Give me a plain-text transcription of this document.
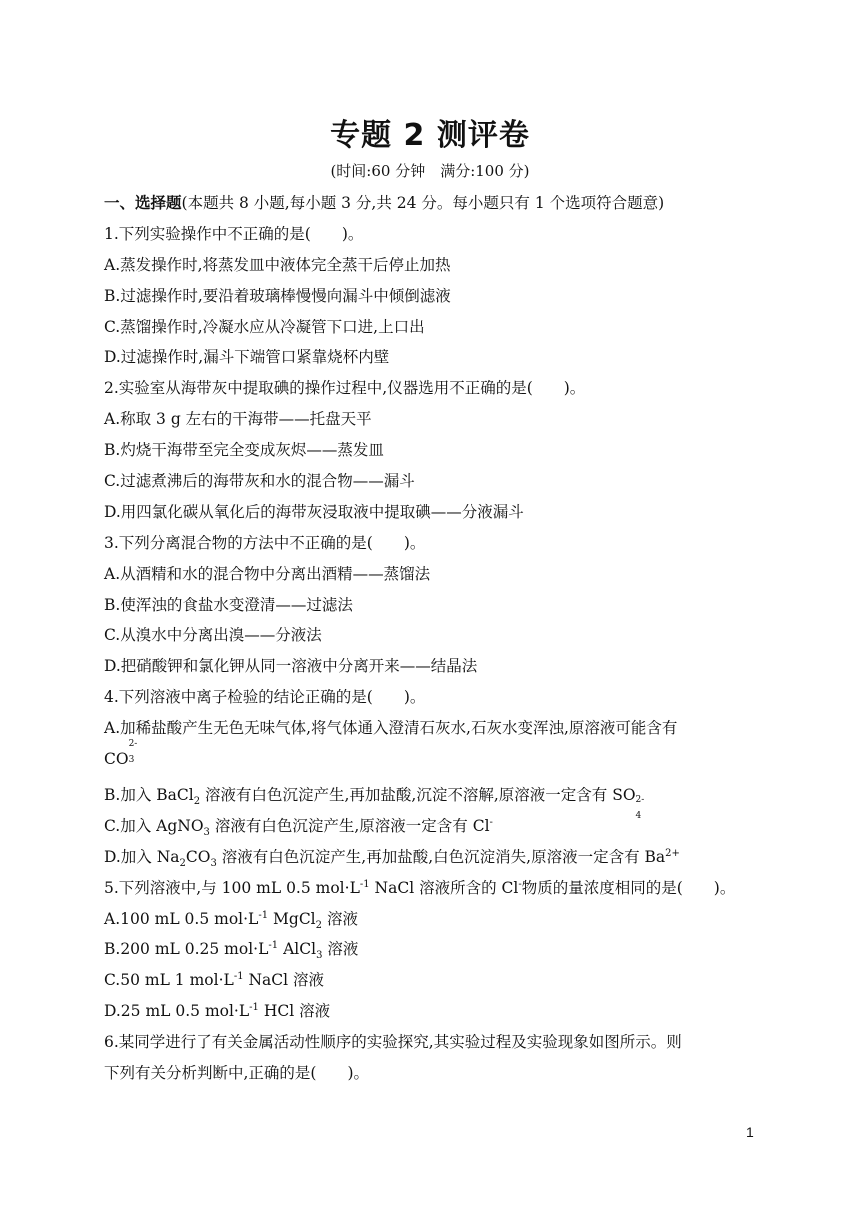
专题 2 测评卷
(时间:60 分钟　满分:100 分)
一、选择题(本题共 8 小题,每小题 3 分,共 24 分。每小题只有 1 个选项符合题意)
1.下列实验操作中不正确的是(　　)。
A.蒸发操作时,将蒸发皿中液体完全蒸干后停止加热
B.过滤操作时,要沿着玻璃棒慢慢向漏斗中倾倒滤液
C.蒸馏操作时,冷凝水应从冷凝管下口进,上口出
D.过滤操作时,漏斗下端管口紧靠烧杯内壁
2.实验室从海带灰中提取碘的操作过程中,仪器选用不正确的是(　　)。
A.称取 3 g 左右的干海带——托盘天平
B.灼烧干海带至完全变成灰烬——蒸发皿
C.过滤煮沸后的海带灰和水的混合物——漏斗
D.用四氯化碳从氧化后的海带灰浸取液中提取碘——分液漏斗
3.下列分离混合物的方法中不正确的是(　　)。
A.从酒精和水的混合物中分离出酒精——蒸馏法
B.使浑浊的食盐水变澄清——过滤法
C.从溴水中分离出溴——分液法
D.把硝酸钾和氯化钾从同一溶液中分离开来——结晶法
4.下列溶液中离子检验的结论正确的是(　　)。
A.加稀盐酸产生无色无味气体,将气体通入澄清石灰水,石灰水变浑浊,原溶液可能含有
CO
2-
3
B.加入 BaCl$_2$ 溶液有白色沉淀产生,再加盐酸,沉淀不溶解,原溶液一定含有 SO 2-
4
C.加入 AgNO$_3$ 溶液有白色沉淀产生,原溶液一定含有 Cl-
D.加入 $Na_2CO_3$ 溶液有白色沉淀产生,再加盐酸,白色沉淀消失,原溶液一定含有 $Ba^{2+}$
5.下列溶液中,与 100 mL 0.5 $mol\cdot L^{-1}$ NaCl 溶液所含的 Cl-物质的量浓度相同的是(　　)。
A.100 mL 0.5 $mol\cdot L^{-1}$ MgCl$_2$ 溶液
B.200 mL 0.25 $mol\cdot L^{-1}$ AlCl$_3$ 溶液
C.50 mL 1 $mol\cdot L^{-1}$ NaCl 溶液
D.25 mL 0.5 $mol\cdot L^{-1}$ HCl 溶液
6.某同学进行了有关金属活动性顺序的实验探究,其实验过程及实验现象如图所示。则
下列有关分析判断中,正确的是(　　)。
1
